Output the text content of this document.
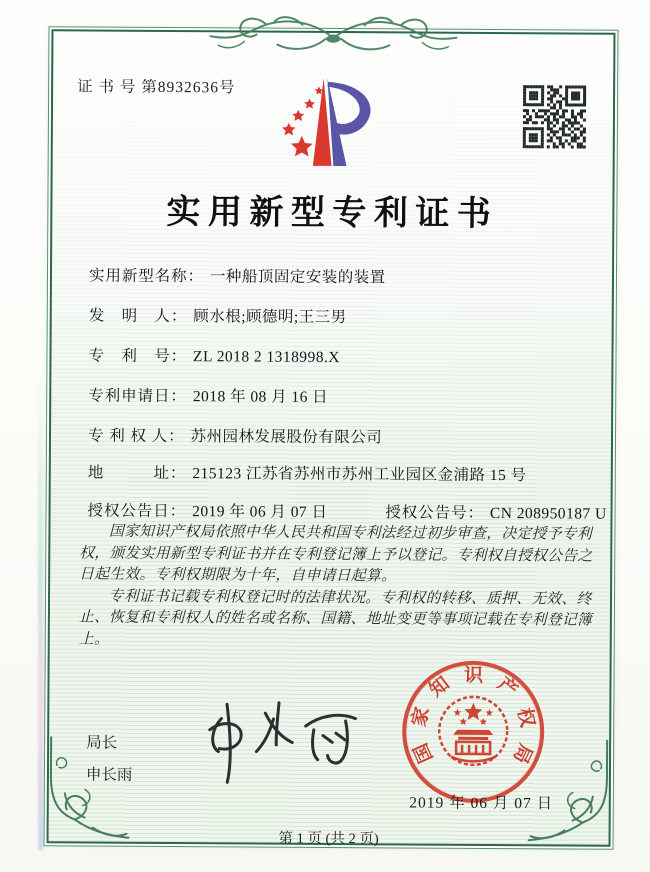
证 书 号 第8932636号
实用新型专利证书
实用新型名称： 一种船顶固定安装的装置
发　明　人： 顾水根;顾德明;王三男
专　利　号： ZL 2018 2 1318998.X
专利申请日： 2018 年 08 月 16 日
专 利 权 人： 苏州园林发展股份有限公司
地　　　址： 215123 江苏省苏州市苏州工业园区金浦路 15 号
授权公告日： 2019 年 06 月 07 日	授权公告号： CN 208950187 U

国家知识产权局依照中华人民共和国专利法经过初步审查，决定授予专利权，颁发实用新型专利证书并在专利登记簿上予以登记。专利权自授权公告之日起生效。专利权期限为十年，自申请日起算。

专利证书记载专利权登记时的法律状况。专利权的转移、质押、无效、终止、恢复和专利权人的姓名或名称、国籍、地址变更等事项记载在专利登记簿上。

局长
申长雨
国
家
知 识 产
权
局
2019 年 06 月 07 日
第 1 页 (共 2 页)
